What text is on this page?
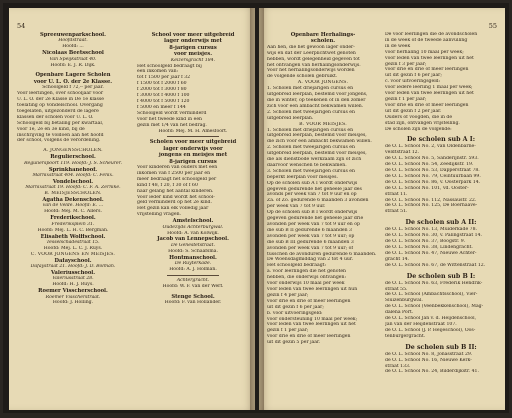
54

Spreeuwenparkschool.

Hoofdstraat.

Hoofd: ...

Nicolaas Beetsschool

Van Speijkstraat 40.

Hoofd: E. J. R. Dijk.

Openbare Lagere Scholen

voor U. L. O. der 2e Klasse.

Schoolgeld f 72,-- per jaar.

Voor leerlingen, over schooljaar voor

U. L. O. der 2e Klasse in De 1e klasse

toelating op Vondelschool. Overgang

toegelaten, uitgezonderd de lagere

klassen der scholen voor U. L. O.

Schoolgeld bij betaling per kwartaal,

voor 1e, 2e en 3e kind, bij de

inschrijving te voldoen aan het hoofd

der school, volgens de verordening.

A. JONGENSSCHOLEN.

Regulierschool.

Regulierspoort 119. Hoofd: J. S. Scheurer.

Sprinkhanehoof.

Marnixstraat 404. Hoofd: C. Fenix.

Vondelschool.

Marnixstraat 19. Hoofd: C. F. A. Zernike.

B. MEISJESSCHOLEN.

Agatha Dekenschool.

van de Velde. Hoofd: E. ...

Hoofd: Mej. M. C. Allers.

Frederikschool.

Frederiksplein 31.

Hoofd: Mej. L. H. C. Bergman.

Elisabeth Wolffschool.

Tesselschadestraat 15.

Hoofd: Mej. L. C. J. Ruys.

C. VOOR JONGENS EN MEISJES.

Dafayschool.

Dafaystraat 21. Hoofd: J. D. Bolman.

Valeriusschool.

Valeriusstraat 28.

Hoofd: H. J. Ruys.

Roemer Visscherschool.

Roemer Visscherstraat.

Hoofd: J. Holling.

School voor meer uitgebreid

lager onderwijs met

8-jarigen cursus

voor meisjes.

Keizersgracht 184.

Het schoolgeld bedraagt bij

een inkomen van:

tot f 1500 per jaar f 32

f 1500 tot f 2000 f 60

f 2000 tot f 3000 f 80

f 3000 tot f 4000 f 100

f 4000 tot f 5000 f 120

f 5000 en meer f 144

Schoolgeld wordt verminderd

voor het tweede kind in een

gezin met 1/4 van het bedrag.

Hoofd: Mej. M. H. Amesfoort.

Scholen voor meer uitgebreid

lager onderwijs voor

jongens en meisjes met

8-jarigen cursus

Voor kinderen van ouders met een

inkomen van f 2500 per jaar en

meer bedraagt het schoolgeld per

kind f 48, f 20, f 30 of f 60

naar gelang het aantal kinderen.

Voor ieder kind wordt het school-

geld verminderd op het 2e kind.

Het gezin kan elk volledig jaar

vrijstelling vragen.

Amstelschool.

Oudezijds Achterburgwal.

Hoofd: A. van Kolwijk.

Jacob van Lennepschool.

De Genestetstraat.

Hoofd: S. Schaafsma.

Hontmanschool.

De Ruyterkade.

Hoofd: A. J. Holman.

Achtergracht.

Hoofd: W. F. van der Werf.

Stenge School.

Hoofd: F. van Hollander.

55

Openbare Herhalings-

scholen.

Aan hen, die het gewoon lager onder-

wijs en dat der Leerplichtwet genoten

hebben, wordt gelegenheid gegeven tot

het ontvangen van herhalingsonderwijs.

Voor het herhalingsonderwijs worden

de volgende scholen gebruikt.

A. VOOR JONGENS.

1. Scholen met driejarigen cursus en

uitgebreid leerplan, bestemd voor jongens,

die in winter, op teekenen of in den zomer

zich voor een ambacht bekwamen willen.

2. Scholen met tweejarigen cursus en

uitgebreid leerplan.

B. VOOR MEISJES.

1. Scholen met driejarigen cursus en

uitgebreid leerplan, bestemd voor meisjes,

die zich voor een ambacht bekwamen willen.

2. Scholen met tweejarigen cursus en

uitgebreid leerplan, bestemd voor meisjes,

die als dienstbode werkzaam zijn of zich

daarvoor wenschen te bekwamen.

3. Scholen met tweejarigen cursus en

beperkt leerplan voor meisjes.

Op de scholen sub A I wordt onderwijs

gegeven gedurende het geheele jaar des

avonds per week van 7 tot 9 uur en op

Za. of Zo. gedurende 6 maanden 3 avonden

per week van 7 tot 9 uur.

Op de scholen sub B I wordt onderwijs

gegeven gedurende het geheele jaar drie

avonden per week van 7 tot 9 uur en op

die sub B II gedurende 6 maanden 3

avonden per week van 7 tot 9 uur; op

die sub B III gedurende 6 maanden 3

avonden per week van 7 tot 9 uur; of

tusschen de avonduren gedurende 6 maanden.

De Woensdagmiddag van 2 tot 4 uur.

Het schoolgeld bedraagt:

a. voor leerlingen die het genoten

hebben, die onderwijs ontvangen:

voor onderwijs 10 maal per week

voor leden van twee leerlingen uit hun

gezin f 4 per jaar;

voor drie en drie of meer leerlingen

uit dit gezin f 6 per jaar;

b. voor uitvoeringsgeld:

voor ondersteuning 10 maal per week;

voor leden van twee leerlingen uit het

gezin f 1 per jaar;

voor drie en drie of meer leerlingen

uit dit gezin 5 per jaar.

De voor leerlingen die de avondscholen

in de week of de tweede aanvulling

in de week

voor herhaling 10 maal per week;

voor leden van twee leerlingen uit het

gezin f 3 per jaar;

voor drie en drie of meer leerlingen

uit dit gezin f 6 per jaar;

c. voor uitvoeringsgeld:

voor iedere leerling 1 maal per week;

voor leden van twee leerlingen uit het

gezin f 1 per jaar;

voor drie en drie of meer leerlingen

uit dit gezin f 2 per jaar.

Ouders of voogden, die in de

stad zijn, ontvangen vrijstelling.

De scholen zijn de volgende:

De scholen sub A I:

de O. L. School No. 2, van Oldenbarne-

veldtstraat 12.

de O. L. School No. 5, Sanderijnstr. 593.

de O. L. School No. 54, Zeedijkstr. 19.

de O. L. School No. 53, Dapperstraat 78.

de O. L. School No. 79, Ceintuurbaan 99.

de O. L. School No. 86, v. Oosterpark 14.

de O. L. School No. 101, vd. Ooster-

straat 11.

de O. L. School No. 112, Nassaustr. 22.

de O. L. School No. 125, De Boerhaave-

straat 51.

De scholen sub A II:

de O. L. School No. 13, Muiderkade 78.

de O. L. School No. 30, v. Palingstraat 14.

de O. L. School No. 37, Boogstr. 9.

de O. L. School No. 38, Lindengracht.

de O. L. School No. 47, Nieuwe Achter-

gracht 14.

de O. L. School No. 67, de Wittenstraat 12.

De scholen sub B I:

de O. L. School No. 63, Frederik Hendrik-

straat 55.

de O. L. School (Ambachtsschool), Vier-

Sluizenburgwal.

de O. L. School (Veenbekkenschool), Mag-

dalena Port.

de O. L. School Jan v. d. Heijdenschool,

Jan van der Heijdenstraat 107.

de O. L. School (J. P. Heijeschool), Oos-

tenburgergracht.

De scholen sub B II:

de O. L. School No. 8, Jonasstraat 29.

de O. L. School No. 16, Nieuwe Kerk-

straat 133.

de O. L. School No. 24, Bilderdijkstr. 41.
